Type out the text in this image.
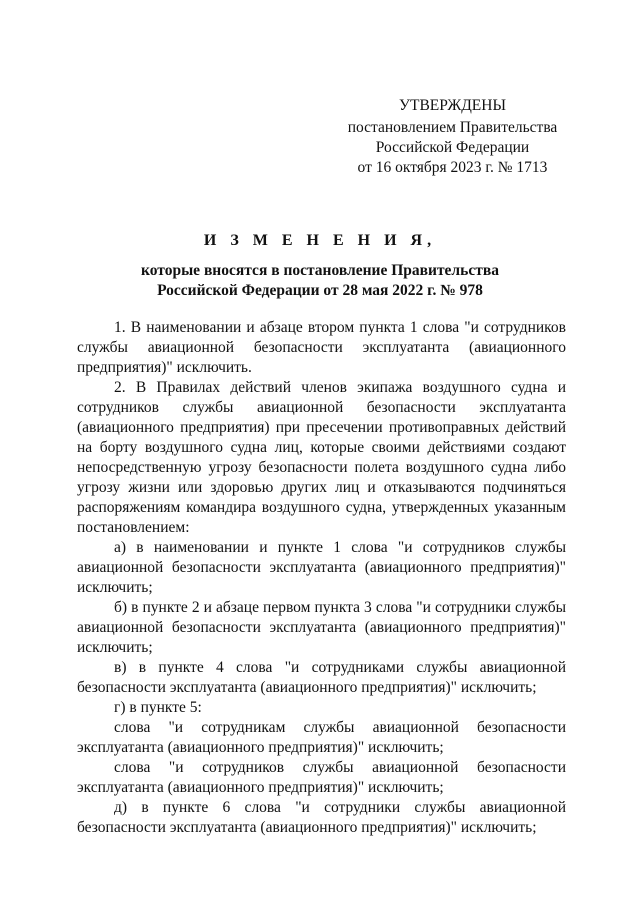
УТВЕРЖДЕНЫ
постановлением Правительства
Российской Федерации
от 16 октября 2023 г. № 1713
И З М Е Н Е Н И Я,
которые вносятся в постановление Правительства
Российской Федерации от 28 мая 2022 г. № 978

1. В наименовании и абзаце втором пункта 1 слова "и сотрудников службы авиационной безопасности эксплуатанта (авиационного предприятия)" исключить.

2. В Правилах действий членов экипажа воздушного судна и сотрудников службы авиационной безопасности эксплуатанта (авиационного предприятия) при пресечении противоправных действий на борту воздушного судна лиц, которые своими действиями создают непосредственную угрозу безопасности полета воздушного судна либо угрозу жизни или здоровью других лиц и отказываются подчиняться распоряжениям командира воздушного судна, утвержденных указанным постановлением:

а) в наименовании и пункте 1 слова "и сотрудников службы авиационной безопасности эксплуатанта (авиационного предприятия)" исключить;

б) в пункте 2 и абзаце первом пункта 3 слова "и сотрудники службы авиационной безопасности эксплуатанта (авиационного предприятия)" исключить;

в) в пункте 4 слова "и сотрудниками службы авиационной безопасности эксплуатанта (авиационного предприятия)" исключить;

г) в пункте 5:

слова "и сотрудникам службы авиационной безопасности эксплуатанта (авиационного предприятия)" исключить;

слова "и сотрудников службы авиационной безопасности эксплуатанта (авиационного предприятия)" исключить;

д) в пункте 6 слова "и сотрудники службы авиационной безопасности эксплуатанта (авиационного предприятия)" исключить;
